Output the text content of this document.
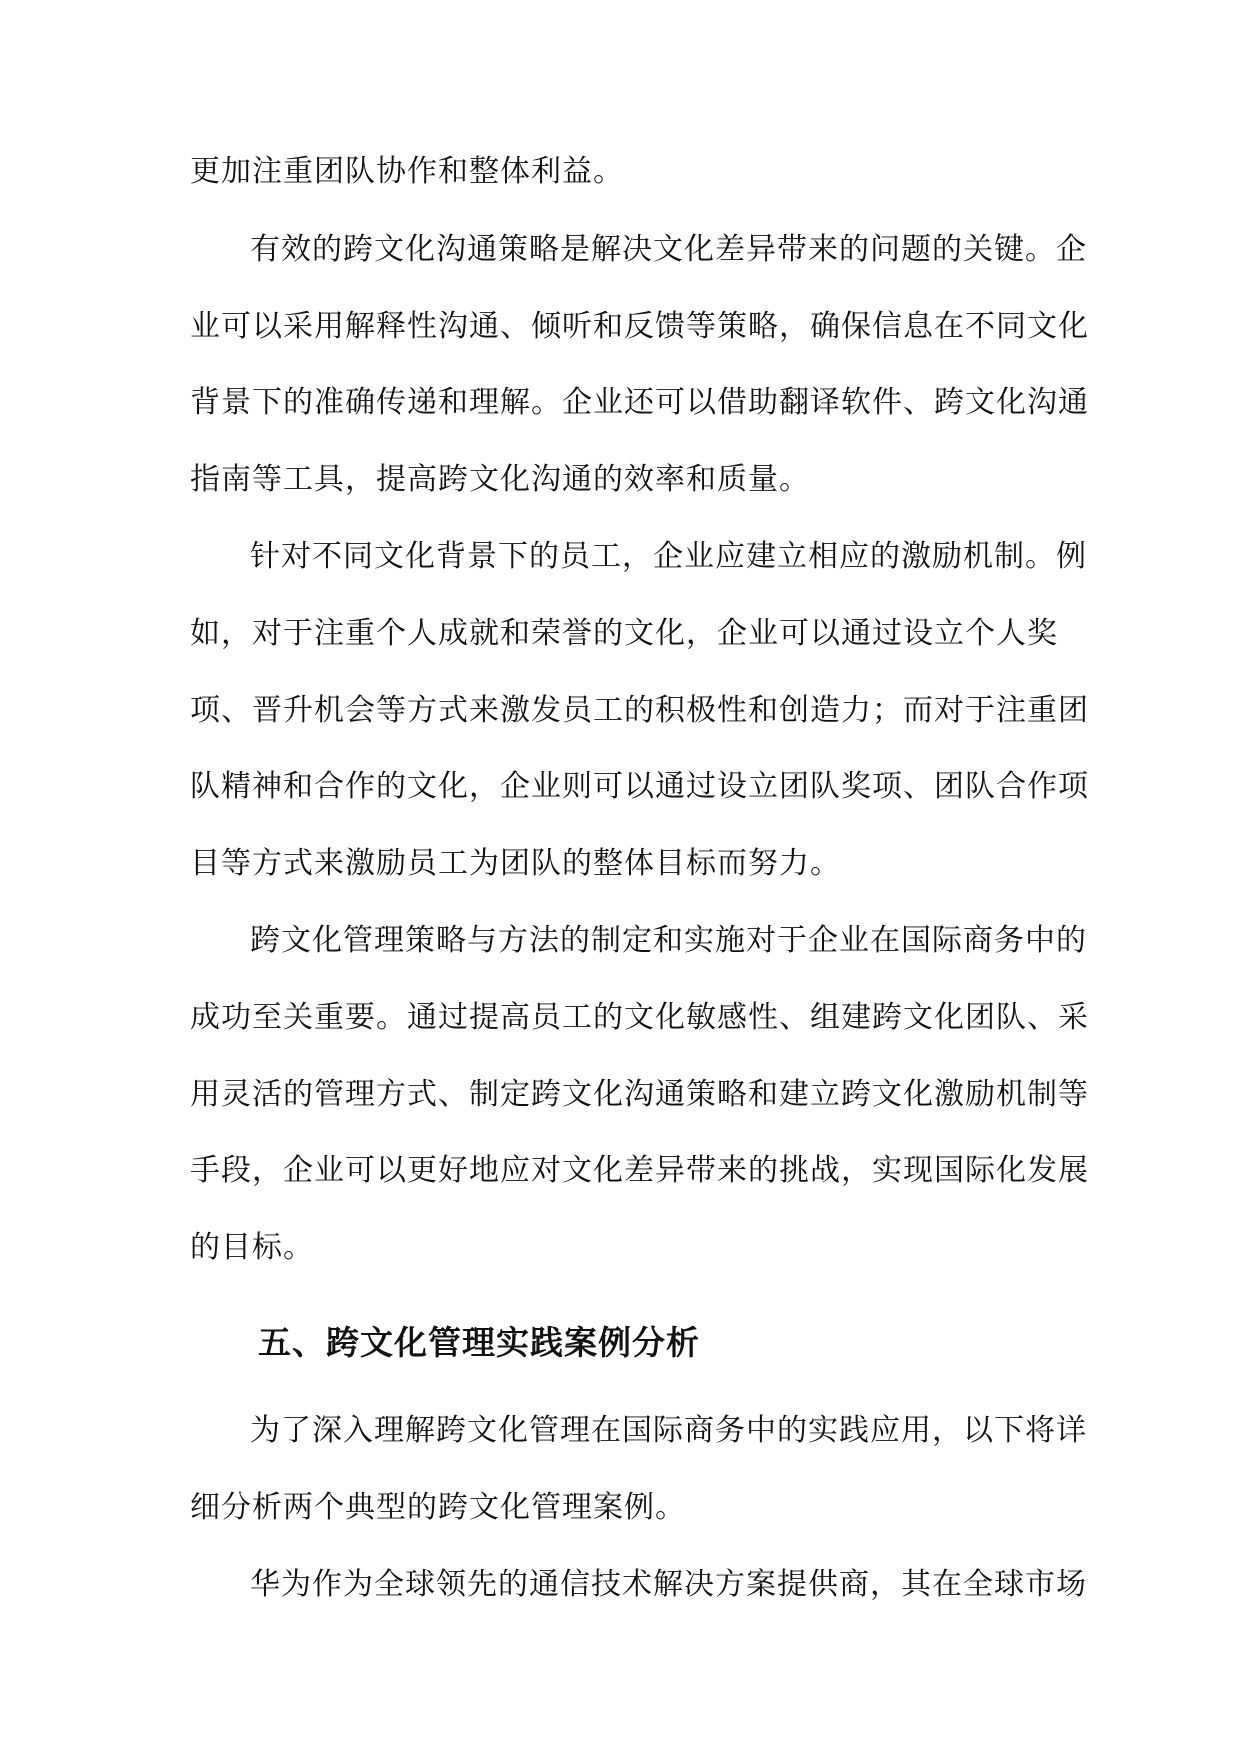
更加注重团队协作和整体利益。
有效的跨文化沟通策略是解决文化差异带来的问题的关键。企
业可以采用解释性沟通、倾听和反馈等策略，确保信息在不同文化
背景下的准确传递和理解。企业还可以借助翻译软件、跨文化沟通
指南等工具，提高跨文化沟通的效率和质量。
针对不同文化背景下的员工，企业应建立相应的激励机制。例
如，对于注重个人成就和荣誉的文化，企业可以通过设立个人奖
项、晋升机会等方式来激发员工的积极性和创造力；而对于注重团
队精神和合作的文化，企业则可以通过设立团队奖项、团队合作项
目等方式来激励员工为团队的整体目标而努力。
跨文化管理策略与方法的制定和实施对于企业在国际商务中的
成功至关重要。通过提高员工的文化敏感性、组建跨文化团队、采
用灵活的管理方式、制定跨文化沟通策略和建立跨文化激励机制等
手段，企业可以更好地应对文化差异带来的挑战，实现国际化发展
的目标。
五、跨文化管理实践案例分析
为了深入理解跨文化管理在国际商务中的实践应用，以下将详
细分析两个典型的跨文化管理案例。
华为作为全球领先的通信技术解决方案提供商，其在全球市场
